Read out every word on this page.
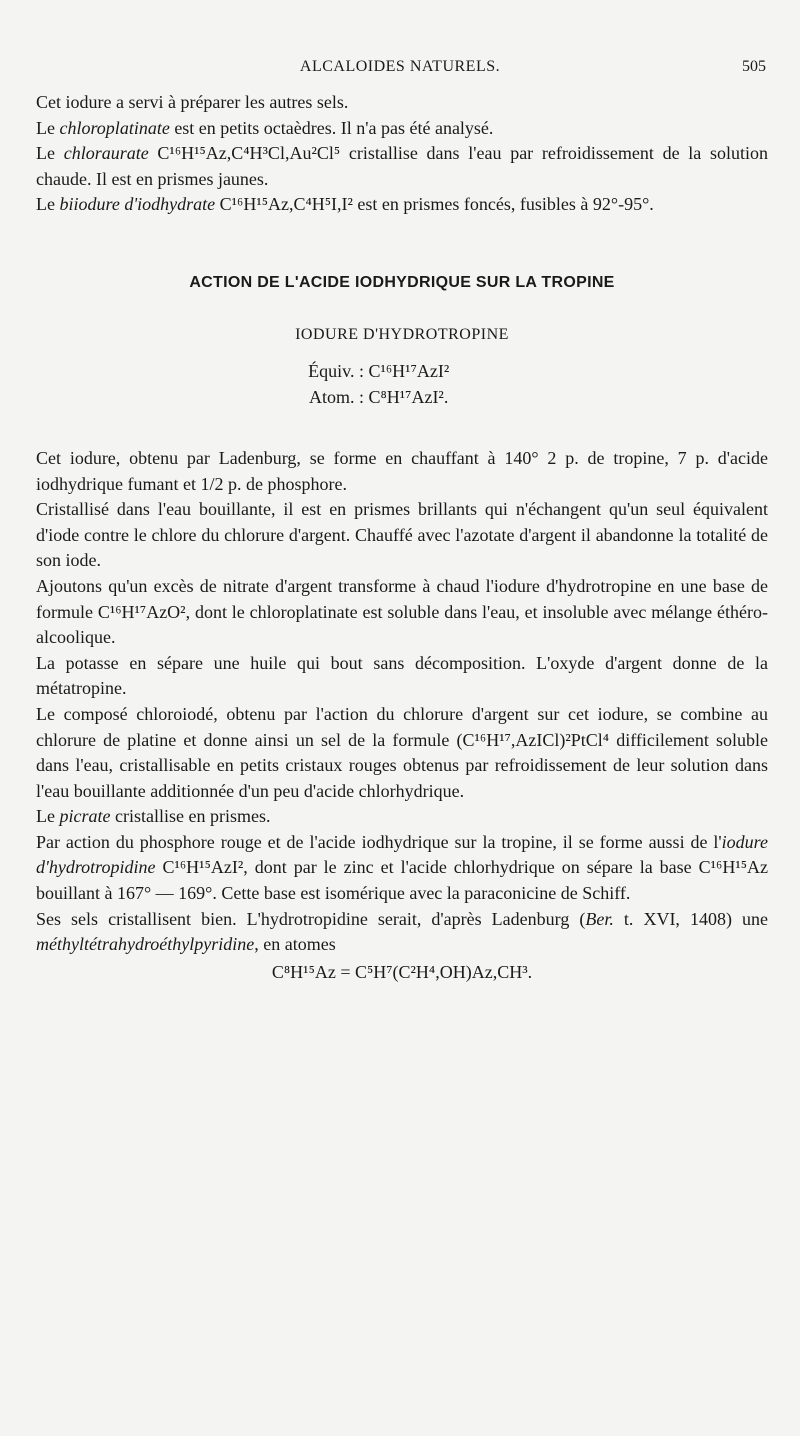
ALCALOIDES NATURELS.	505

Cet iodure a servi à préparer les autres sels.

Le chloroplatinate est en petits octaèdres. Il n'a pas été analysé.

Le chloraurate C¹⁶H¹⁵Az,C⁴H³Cl,Au²Cl⁵ cristallise dans l'eau par refroidissement de la solution chaude. Il est en prismes jaunes.

Le biiodure d'iodhydrate C¹⁶H¹⁵Az,C⁴H⁵I,I² est en prismes foncés, fusibles à 92°-95°.

ACTION DE L'ACIDE IODHYDRIQUE SUR LA TROPINE
IODURE D'HYDROTROPINE
Équiv. : C¹⁶H¹⁷AzI²
Atom. : C⁸H¹⁷AzI².

Cet iodure, obtenu par Ladenburg, se forme en chauffant à 140° 2 p. de tropine, 7 p. d'acide iodhydrique fumant et 1/2 p. de phosphore.

Cristallisé dans l'eau bouillante, il est en prismes brillants qui n'échangent qu'un seul équivalent d'iode contre le chlore du chlorure d'argent. Chauffé avec l'azotate d'argent il abandonne la totalité de son iode.

Ajoutons qu'un excès de nitrate d'argent transforme à chaud l'iodure d'hydrotropine en une base de formule C¹⁶H¹⁷AzO², dont le chloroplatinate est soluble dans l'eau, et insoluble avec mélange éthéro-alcoolique.

La potasse en sépare une huile qui bout sans décomposition. L'oxyde d'argent donne de la métatropine.

Le composé chloroiodé, obtenu par l'action du chlorure d'argent sur cet iodure, se combine au chlorure de platine et donne ainsi un sel de la formule (C¹⁶H¹⁷,AzICl)²PtCl⁴ difficilement soluble dans l'eau, cristallisable en petits cristaux rouges obtenus par refroidissement de leur solution dans l'eau bouillante additionnée d'un peu d'acide chlorhydrique.

Le picrate cristallise en prismes.

Par action du phosphore rouge et de l'acide iodhydrique sur la tropine, il se forme aussi de l'iodure d'hydrotropidine C¹⁶H¹⁵AzI², dont par le zinc et l'acide chlorhydrique on sépare la base C¹⁶H¹⁵Az bouillant à 167° — 169°. Cette base est isomérique avec la paraconicine de Schiff.

Ses sels cristallisent bien. L'hydrotropidine serait, d'après Ladenburg (Ber. t. XVI, 1408) une méthyltétrahydroéthylpyridine, en atomes

C⁸H¹⁵Az = C⁵H⁷(C²H⁴,OH)Az,CH³.
